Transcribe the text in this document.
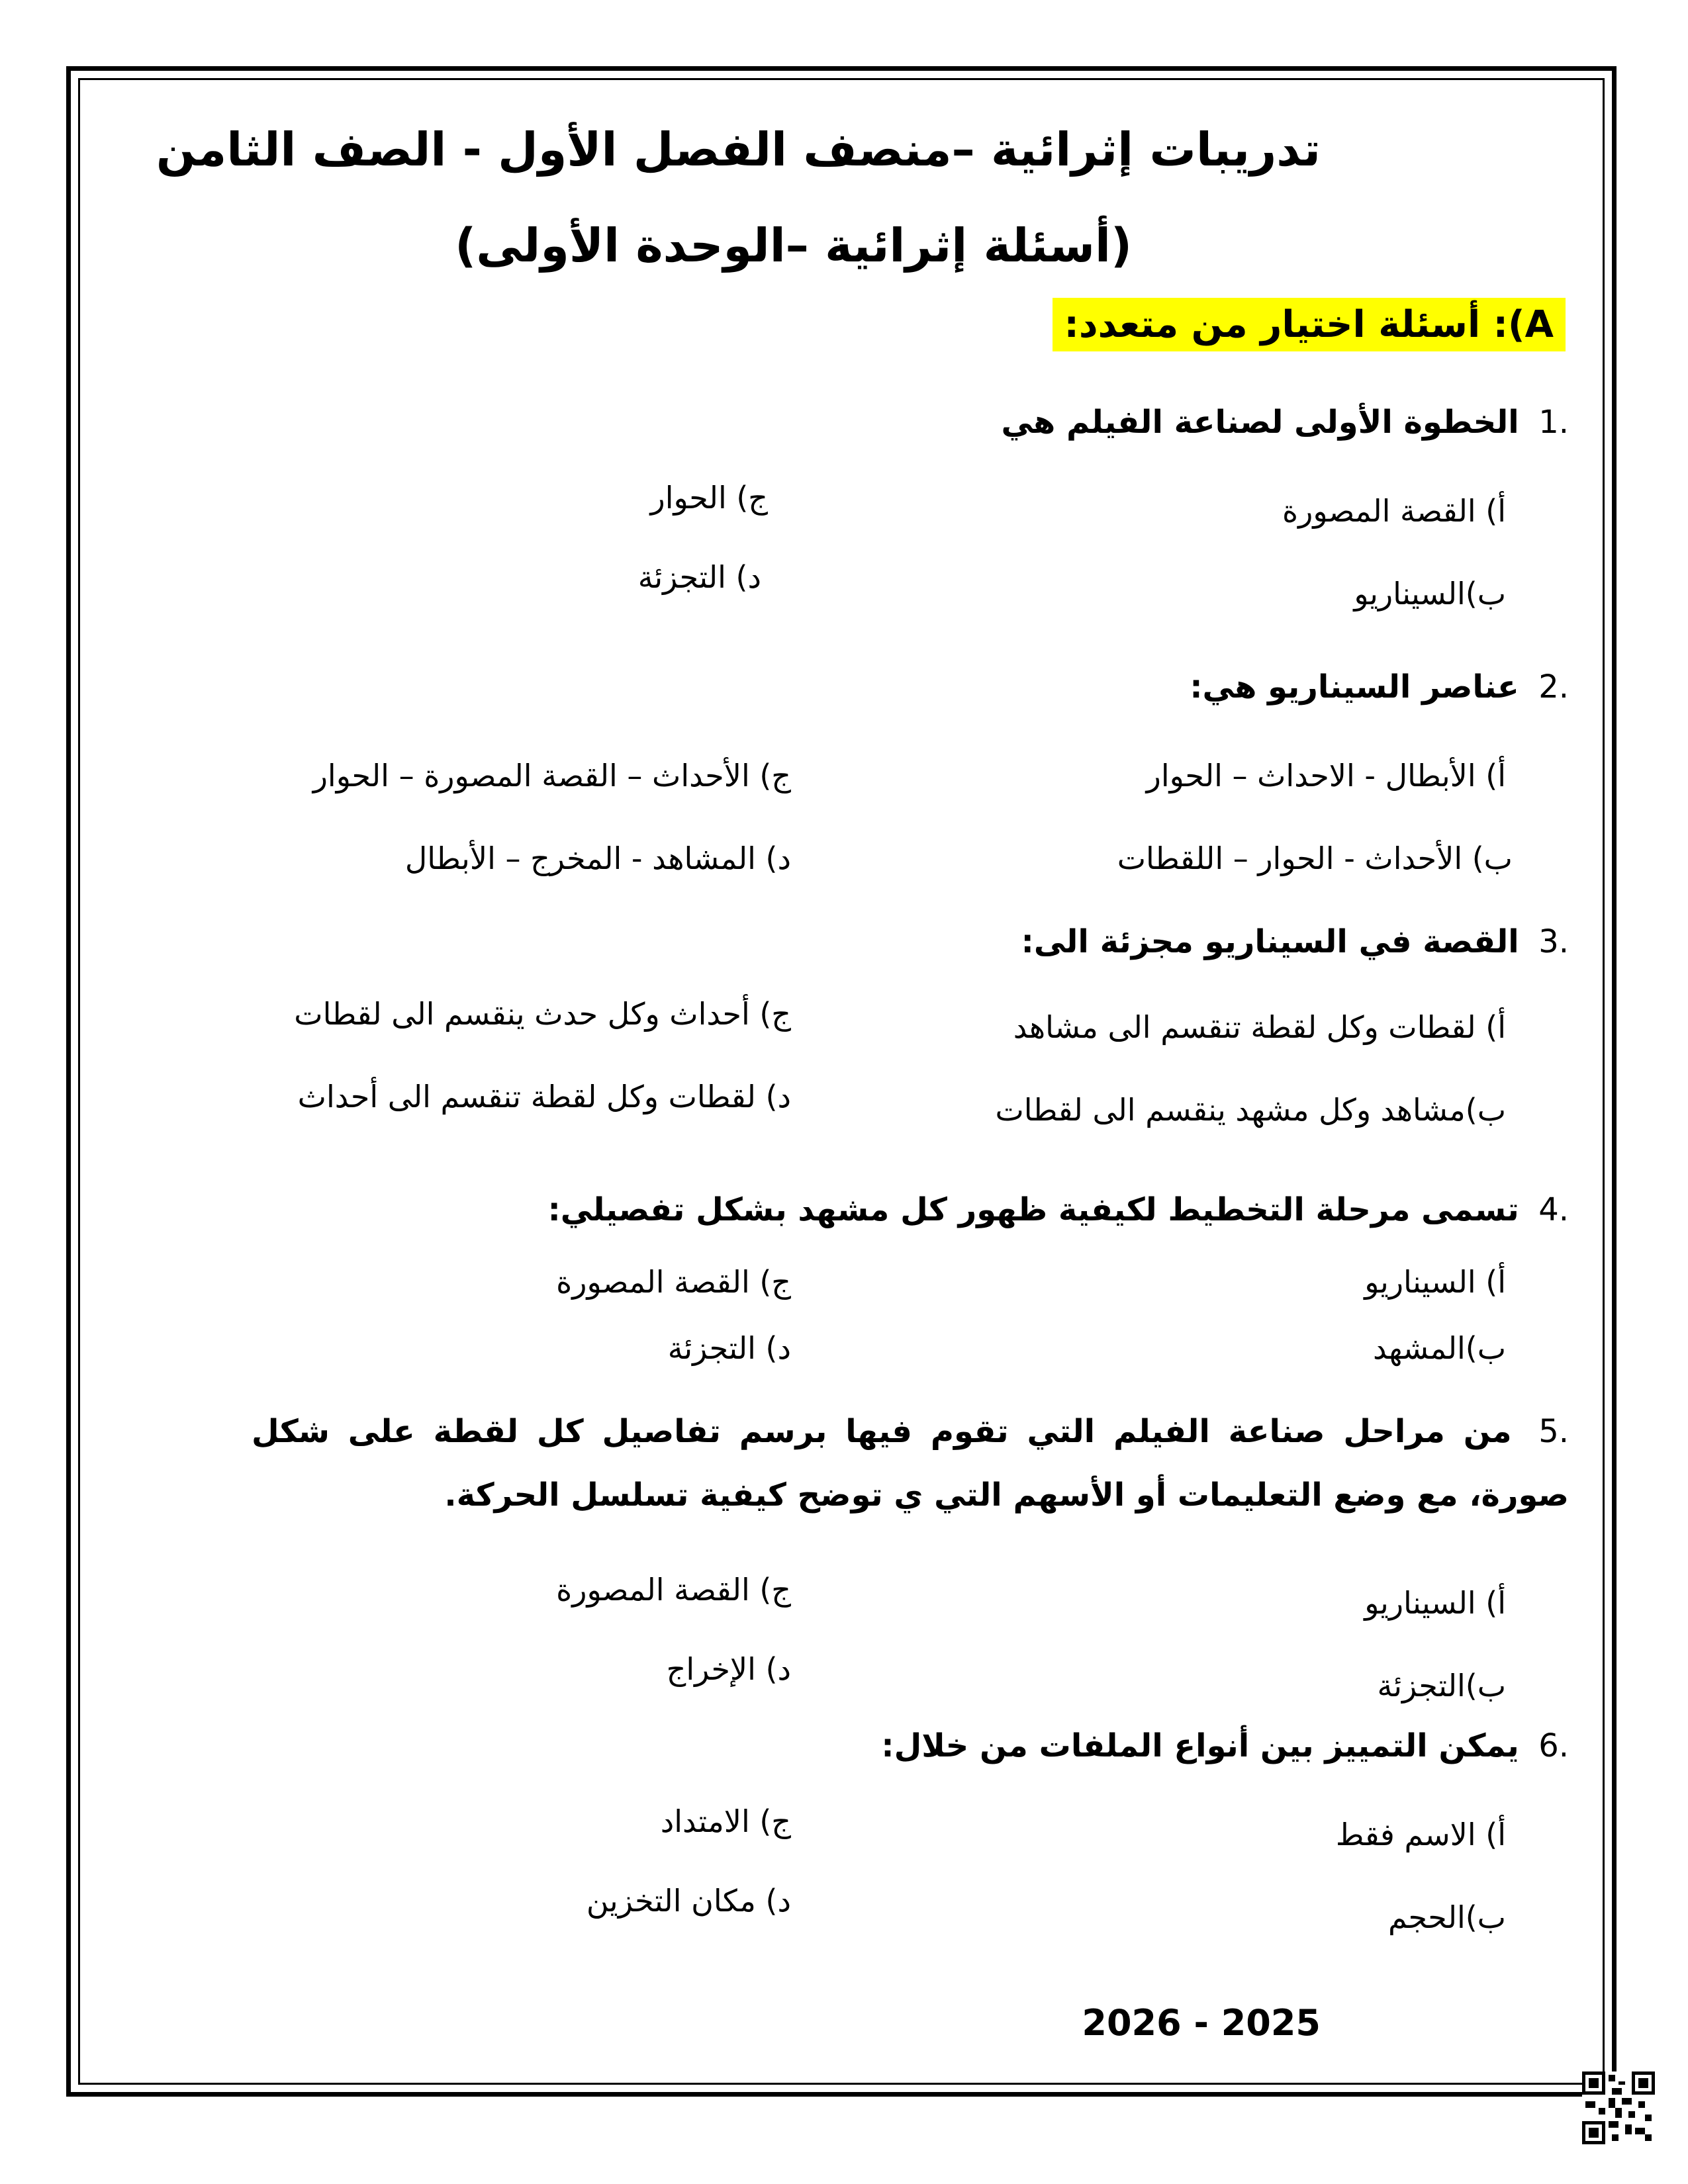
تدريبات إثرائية –منصف الفصل الأول - الصف الثامن
(أسئلة إثرائية –الوحدة الأولى)
A): أسئلة اختيار من متعدد:
.1 الخطوة الأولى لصناعة الفيلم هي
أ) القصة المصورة
ب)السيناريو
ج) الحوار
د) التجزئة
.2 عناصر السيناريو هي:
أ) الأبطال - الاحداث – الحوار
ب) الأحداث - الحوار – اللقطات
ج) الأحداث – القصة المصورة – الحوار
د) المشاهد - المخرج – الأبطال
.3 القصة في السيناريو مجزئة الى:
أ) لقطات وكل لقطة تنقسم الى مشاهد
ب)مشاهد وكل مشهد ينقسم الى لقطات
ج) أحداث وكل حدث ينقسم الى لقطات
د) لقطات وكل لقطة تنقسم الى أحداث
.4 تسمى مرحلة التخطيط لكيفية ظهور كل مشهد بشكل تفصيلي:
أ) السيناريو
ب)المشهد
ج) القصة المصورة
د) التجزئة
.5 من مراحل صناعة الفيلم التي تقوم فيها برسم تفاصيل كل لقطة على شكل صورة، مع وضع التعليمات أو الأسهم التي ي توضح كيفية تسلسل الحركة.
أ) السيناريو
ب)التجزئة
ج) القصة المصورة
د) الإخراج
.6 يمكن التمييز بين أنواع الملفات من خلال:
أ) الاسم فقط
ب)الحجم
ج) الامتداد
د) مكان التخزين
2026 - 2025
